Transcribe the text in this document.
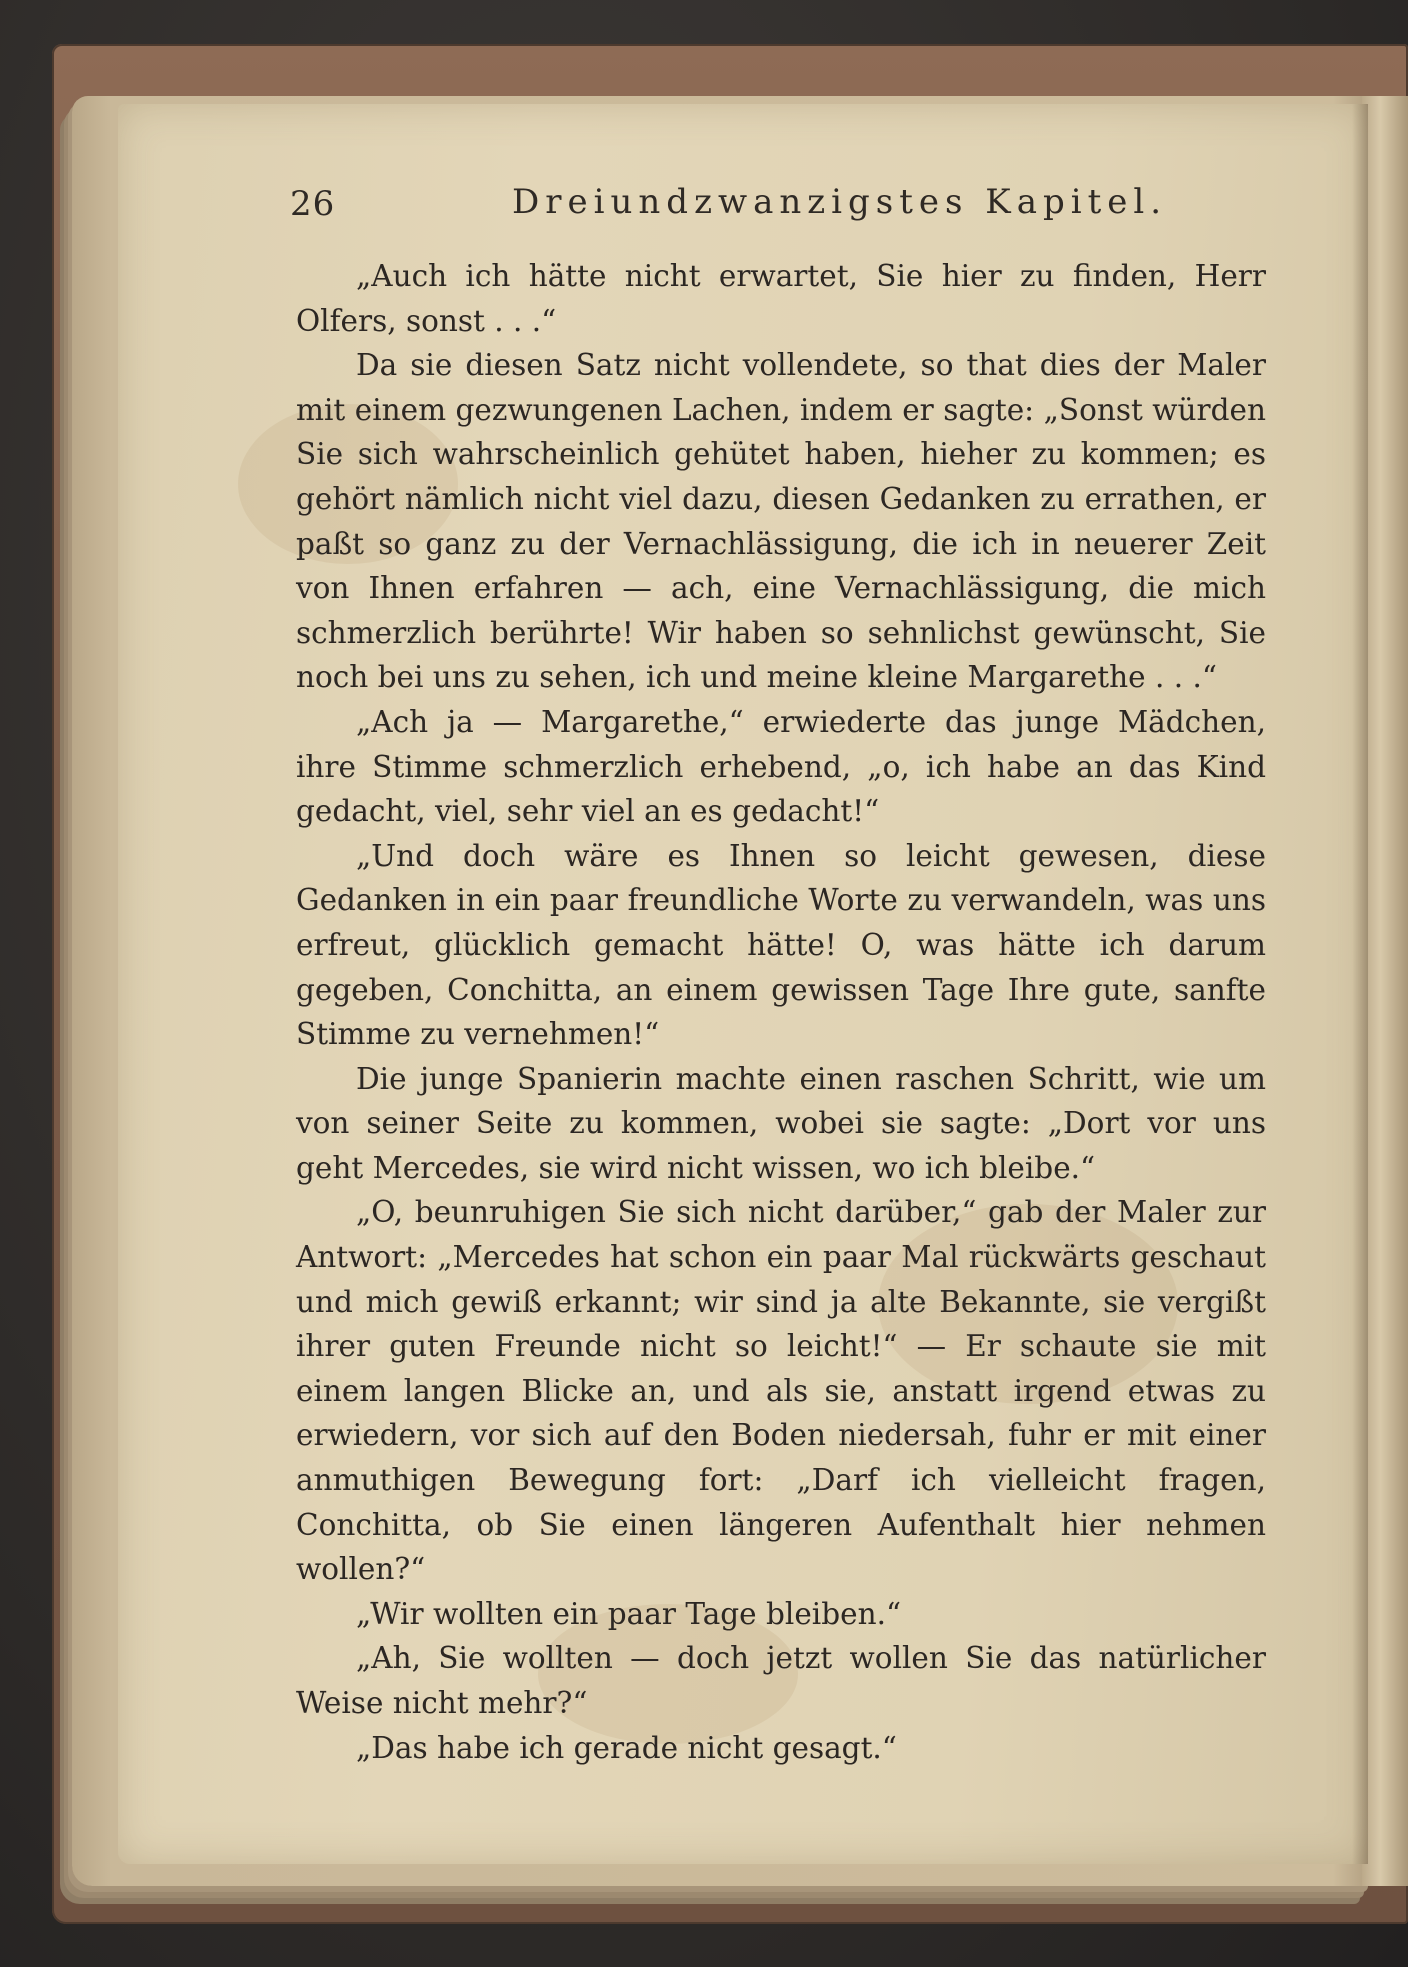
26	Dreiundzwanzigstes Kapitel.

„Auch ich hätte nicht erwartet, Sie hier zu finden, Herr Olfers, sonst . . .“

Da sie diesen Satz nicht vollendete, so that dies der Maler mit einem gezwungenen Lachen, indem er sagte: „Sonst würden Sie sich wahrscheinlich gehütet haben, hieher zu kommen; es gehört nämlich nicht viel dazu, diesen Gedanken zu errathen, er paßt so ganz zu der Vernachlässigung, die ich in neuerer Zeit von Ihnen erfahren — ach, eine Vernachlässigung, die mich schmerzlich berührte! Wir haben so sehnlichst gewünscht, Sie noch bei uns zu sehen, ich und meine kleine Margarethe . . .“

„Ach ja — Margarethe,“ erwiederte das junge Mädchen, ihre Stimme schmerzlich erhebend, „o, ich habe an das Kind gedacht, viel, sehr viel an es gedacht!“

„Und doch wäre es Ihnen so leicht gewesen, diese Gedanken in ein paar freundliche Worte zu verwandeln, was uns erfreut, glücklich gemacht hätte! O, was hätte ich darum gegeben, Conchitta, an einem gewissen Tage Ihre gute, sanfte Stimme zu vernehmen!“

Die junge Spanierin machte einen raschen Schritt, wie um von seiner Seite zu kommen, wobei sie sagte: „Dort vor uns geht Mercedes, sie wird nicht wissen, wo ich bleibe.“

„O, beunruhigen Sie sich nicht darüber,“ gab der Maler zur Antwort: „Mercedes hat schon ein paar Mal rückwärts geschaut und mich gewiß erkannt; wir sind ja alte Bekannte, sie vergißt ihrer guten Freunde nicht so leicht!“ — Er schaute sie mit einem langen Blicke an, und als sie, anstatt irgend etwas zu erwiedern, vor sich auf den Boden niedersah, fuhr er mit einer anmuthigen Bewegung fort: „Darf ich vielleicht fragen, Conchitta, ob Sie einen längeren Aufenthalt hier nehmen wollen?“

„Wir wollten ein paar Tage bleiben.“

„Ah, Sie wollten — doch jetzt wollen Sie das natürlicher Weise nicht mehr?“

„Das habe ich gerade nicht gesagt.“
